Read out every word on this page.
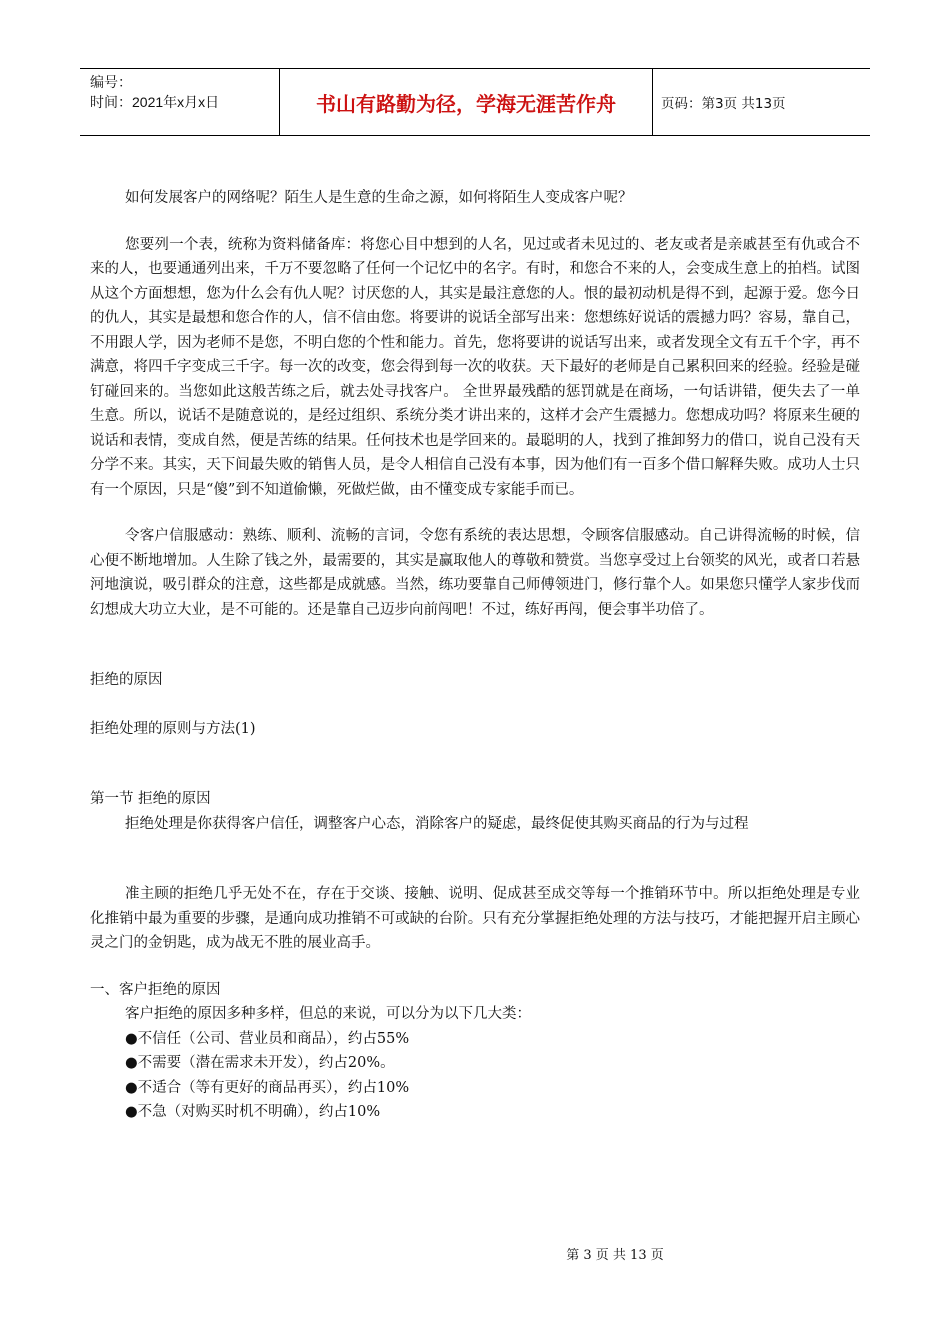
编号：
时间：2021年x月x日	书山有路勤为径，学海无涯苦作舟	页码：第3页 共13页

如何发展客户的网络呢？陌生人是生意的生命之源，如何将陌生人变成客户呢？

您要列一个表，统称为资料储备库：将您心目中想到的人名，见过或者未见过的、老友或者是亲戚甚至有仇或合不来的人，也要通通列出来，千万不要忽略了任何一个记忆中的名字。有时，和您合不来的人，会变成生意上的拍档。试图从这个方面想想，您为什么会有仇人呢？讨厌您的人，其实是最注意您的人。恨的最初动机是得不到，起源于爱。您今日的仇人，其实是最想和您合作的人，信不信由您。将要讲的说话全部写出来：您想练好说话的震撼力吗？容易，靠自己，不用跟人学，因为老师不是您，不明白您的个性和能力。首先，您将要讲的说话写出来，或者发现全文有五千个字，再不满意，将四千字变成三千字。每一次的改变，您会得到每一次的收获。天下最好的老师是自己累积回来的经验。经验是碰钉碰回来的。当您如此这般苦练之后，就去处寻找客户。 全世界最残酷的惩罚就是在商场，一句话讲错，便失去了一单生意。所以，说话不是随意说的，是经过组织、系统分类才讲出来的，这样才会产生震撼力。您想成功吗？将原来生硬的说话和表情，变成自然，便是苦练的结果。任何技术也是学回来的。最聪明的人，找到了推卸努力的借口，说自己没有天分学不来。其实，天下间最失败的销售人员，是令人相信自己没有本事，因为他们有一百多个借口解释失败。成功人士只有一个原因，只是“傻”到不知道偷懒，死做烂做，由不懂变成专家能手而已。

令客户信服感动：熟练、顺利、流畅的言词，令您有系统的表达思想，令顾客信服感动。自己讲得流畅的时候，信心便不断地增加。人生除了钱之外，最需要的，其实是赢取他人的尊敬和赞赏。当您享受过上台领奖的风光，或者口若悬河地演说，吸引群众的注意，这些都是成就感。当然，练功要靠自己师傅领进门，修行靠个人。如果您只懂学人家步伐而幻想成大功立大业，是不可能的。还是靠自己迈步向前闯吧！不过，练好再闯，便会事半功倍了。

拒绝的原因

拒绝处理的原则与方法(1)

第一节 拒绝的原因

拒绝处理是你获得客户信任，调整客户心态，消除客户的疑虑，最终促使其购买商品的行为与过程

准主顾的拒绝几乎无处不在，存在于交谈、接触、说明、促成甚至成交等每一个推销环节中。所以拒绝处理是专业化推销中最为重要的步骤，是通向成功推销不可或缺的台阶。只有充分掌握拒绝处理的方法与技巧，才能把握开启主顾心灵之门的金钥匙，成为战无不胜的展业高手。

一、客户拒绝的原因

客户拒绝的原因多种多样，但总的来说，可以分为以下几大类：

●不信任（公司、营业员和商品），约占55%

●不需要（潜在需求未开发），约占20%。

●不适合（等有更好的商品再买），约占10%

●不急（对购买时机不明确），约占10%

第 3 页 共 13 页
